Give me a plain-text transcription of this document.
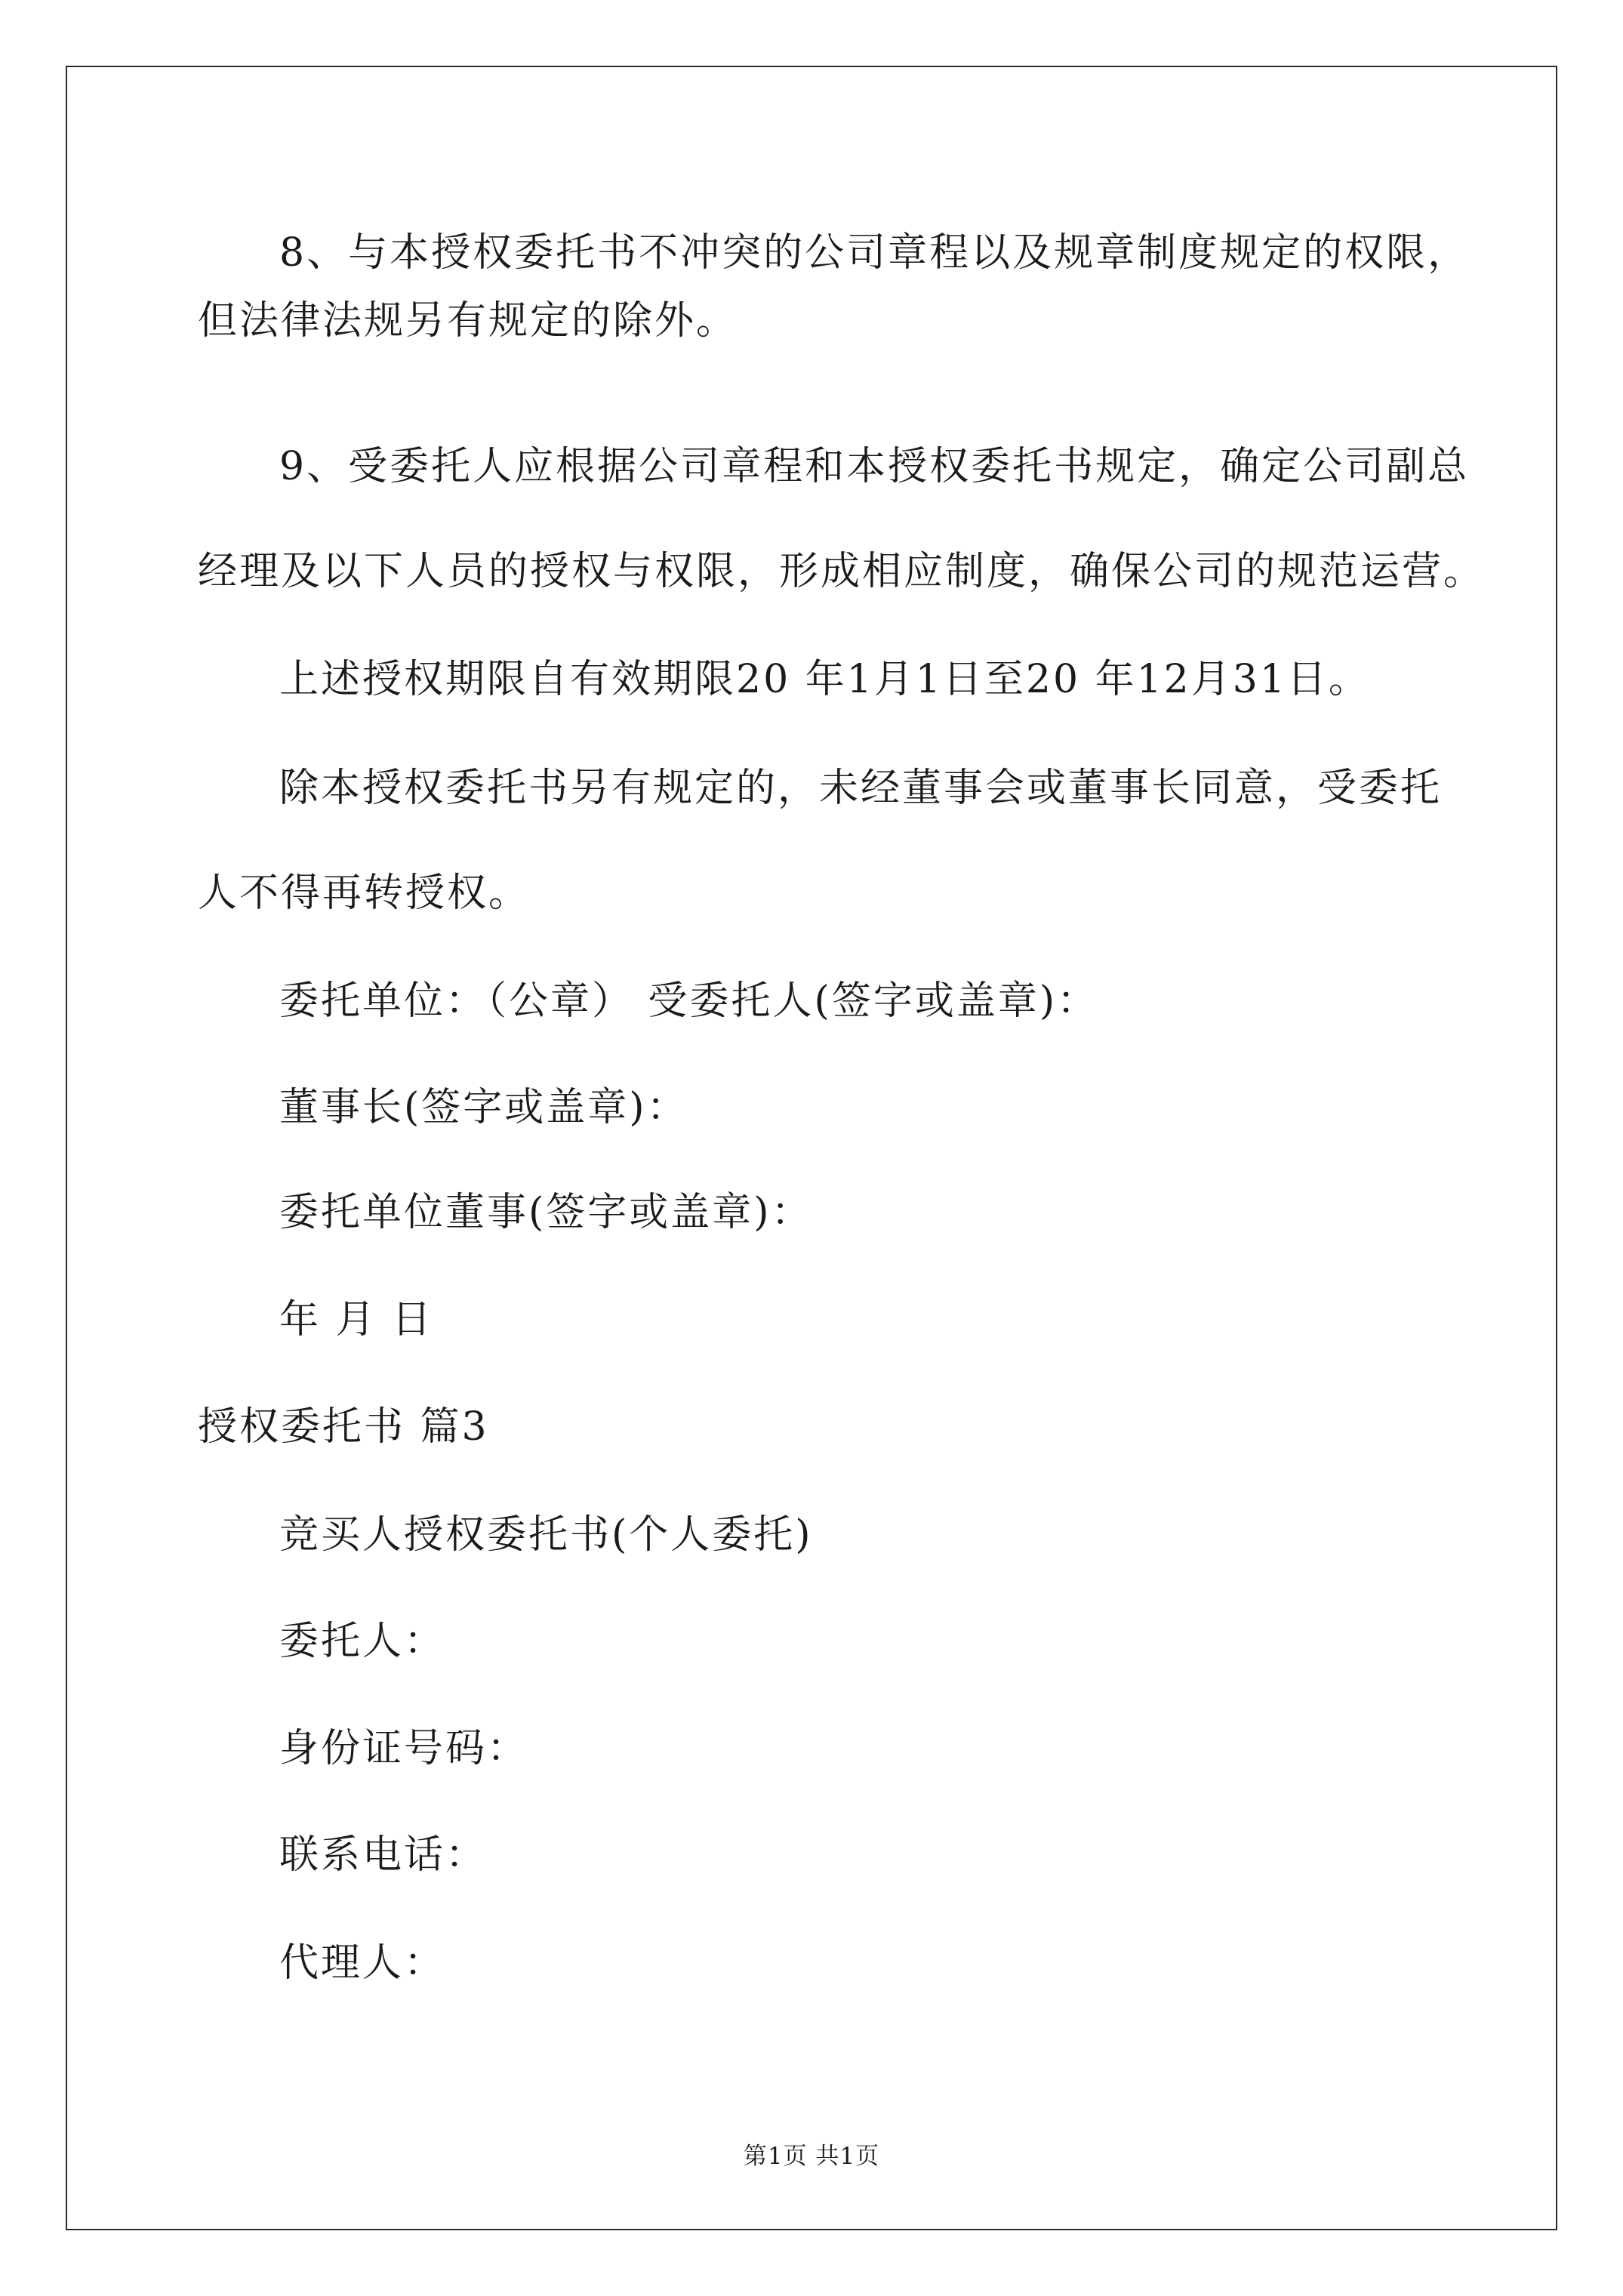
8、与本授权委托书不冲突的公司章程以及规章制度规定的权限，
但法律法规另有规定的除外。
9、受委托人应根据公司章程和本授权委托书规定，确定公司副总
经理及以下人员的授权与权限，形成相应制度，确保公司的规范运营。
上述授权期限自有效期限20 年1月1日至20 年12月31日。
除本授权委托书另有规定的，未经董事会或董事长同意，受委托
人不得再转授权。
委托单位：（公章） 受委托人(签字或盖章)：
董事长(签字或盖章)：
委托单位董事(签字或盖章)：
年 月 日
授权委托书 篇3
竞买人授权委托书(个人委托)
委托人：
身份证号码：
联系电话：
代理人：
第1页 共1页
